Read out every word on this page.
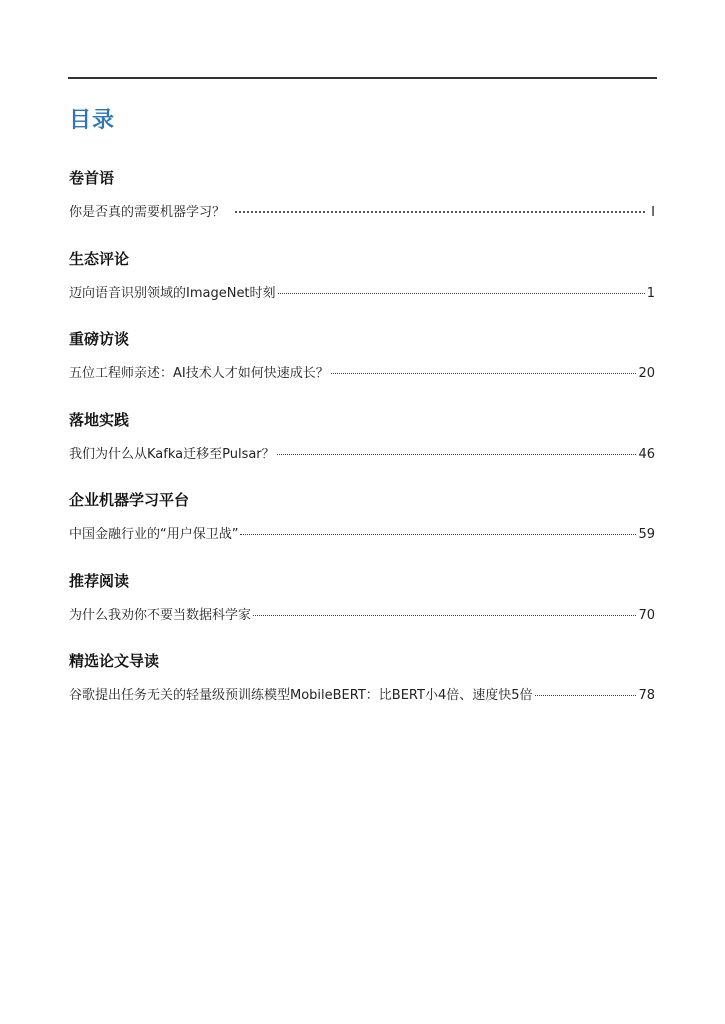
目录
卷首语
你是否真的需要机器学习？	I
生态评论
迈向语音识别领域的ImageNet时刻	1
重磅访谈
五位工程师亲述：AI技术人才如何快速成长？	20
落地实践
我们为什么从Kafka迁移至Pulsar？	46
企业机器学习平台
中国金融行业的“用户保卫战”	59
推荐阅读
为什么我劝你不要当数据科学家	70
精选论文导读
谷歌提出任务无关的轻量级预训练模型MobileBERT：比BERT小4倍、速度快5倍	78
